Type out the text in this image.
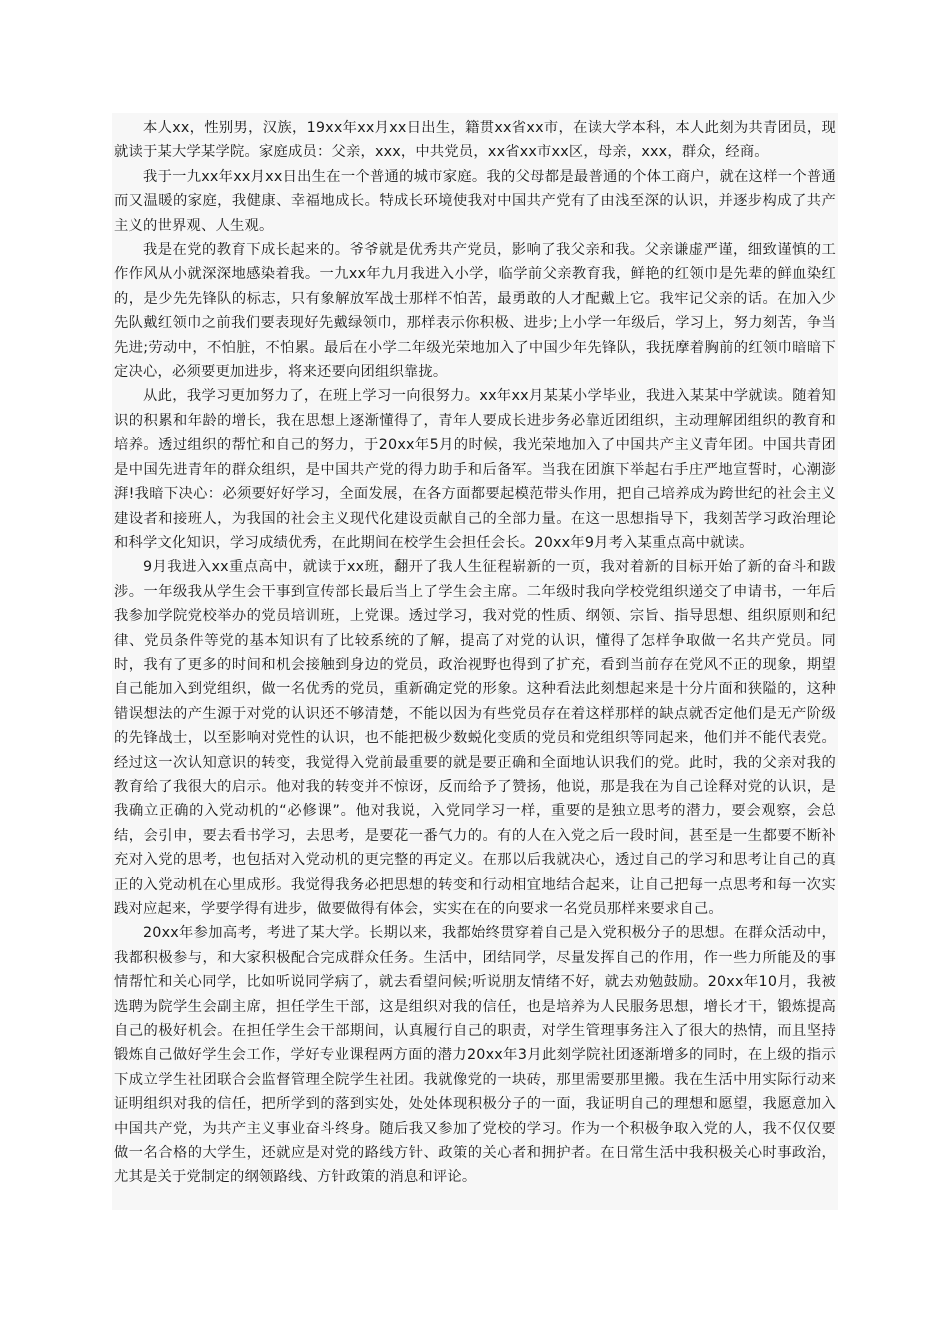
本人xx，性别男，汉族，19xx年xx月xx日出生，籍贯xx省xx市，在读大学本科，本人此刻为共青团员，现就读于某大学某学院。家庭成员：父亲，xxx，中共党员，xx省xx市xx区，母亲，xxx，群众，经商。

我于一九xx年xx月xx日出生在一个普通的城市家庭。我的父母都是最普通的个体工商户，就在这样一个普通而又温暖的家庭，我健康、幸福地成长。特成长环境使我对中国共产党有了由浅至深的认识，并逐步构成了共产主义的世界观、人生观。

我是在党的教育下成长起来的。爷爷就是优秀共产党员，影响了我父亲和我。父亲谦虚严谨，细致谨慎的工作作风从小就深深地感染着我。一九xx年九月我进入小学，临学前父亲教育我，鲜艳的红领巾是先辈的鲜血染红的，是少先先锋队的标志，只有象解放军战士那样不怕苦，最勇敢的人才配戴上它。我牢记父亲的话。在加入少先队戴红领巾之前我们要表现好先戴绿领巾，那样表示你积极、进步;上小学一年级后，学习上，努力刻苦，争当先进;劳动中，不怕脏，不怕累。最后在小学二年级光荣地加入了中国少年先锋队，我抚摩着胸前的红领巾暗暗下定决心，必须要更加进步，将来还要向团组织靠拢。

从此，我学习更加努力了，在班上学习一向很努力。xx年xx月某某小学毕业，我进入某某中学就读。随着知识的积累和年龄的增长，我在思想上逐渐懂得了，青年人要成长进步务必靠近团组织，主动理解团组织的教育和培养。透过组织的帮忙和自己的努力，于20xx年5月的时候，我光荣地加入了中国共产主义青年团。中国共青团是中国先进青年的群众组织，是中国共产党的得力助手和后备军。当我在团旗下举起右手庄严地宣誓时，心潮澎湃!我暗下决心：必须要好好学习，全面发展，在各方面都要起模范带头作用，把自己培养成为跨世纪的社会主义建设者和接班人，为我国的社会主义现代化建设贡献自己的全部力量。在这一思想指导下，我刻苦学习政治理论和科学文化知识，学习成绩优秀，在此期间在校学生会担任会长。20xx年9月考入某重点高中就读。

9月我进入xx重点高中，就读于xx班，翻开了我人生征程崭新的一页，我对着新的目标开始了新的奋斗和跋涉。一年级我从学生会干事到宣传部长最后当上了学生会主席。二年级时我向学校党组织递交了申请书，一年后我参加学院党校举办的党员培训班，上党课。透过学习，我对党的性质、纲领、宗旨、指导思想、组织原则和纪律、党员条件等党的基本知识有了比较系统的了解，提高了对党的认识，懂得了怎样争取做一名共产党员。同时，我有了更多的时间和机会接触到身边的党员，政治视野也得到了扩充，看到当前存在党风不正的现象，期望自己能加入到党组织，做一名优秀的党员，重新确定党的形象。这种看法此刻想起来是十分片面和狭隘的，这种错误想法的产生源于对党的认识还不够清楚，不能以因为有些党员存在着这样那样的缺点就否定他们是无产阶级的先锋战士，以至影响对党性的认识，也不能把极少数蜕化变质的党员和党组织等同起来，他们并不能代表党。经过这一次认知意识的转变，我觉得入党前最重要的就是要正确和全面地认识我们的党。此时，我的父亲对我的教育给了我很大的启示。他对我的转变并不惊讶，反而给予了赞扬，他说，那是我在为自己诠释对党的认识，是我确立正确的入党动机的“必修课”。他对我说，入党同学习一样，重要的是独立思考的潜力，要会观察，会总结，会引申，要去看书学习，去思考，是要花一番气力的。有的人在入党之后一段时间，甚至是一生都要不断补充对入党的思考，也包括对入党动机的更完整的再定义。在那以后我就决心，透过自己的学习和思考让自己的真正的入党动机在心里成形。我觉得我务必把思想的转变和行动相宜地结合起来，让自己把每一点思考和每一次实践对应起来，学要学得有进步，做要做得有体会，实实在在的向要求一名党员那样来要求自己。

20xx年参加高考，考进了某大学。长期以来，我都始终贯穿着自己是入党积极分子的思想。在群众活动中，我都积极参与，和大家积极配合完成群众任务。生活中，团结同学，尽量发挥自己的作用，作一些力所能及的事情帮忙和关心同学，比如听说同学病了，就去看望问候;听说朋友情绪不好，就去劝勉鼓励。20xx年10月，我被选聘为院学生会副主席，担任学生干部，这是组织对我的信任，也是培养为人民服务思想，增长才干，锻炼提高自己的极好机会。在担任学生会干部期间，认真履行自己的职责，对学生管理事务注入了很大的热情，而且坚持锻炼自己做好学生会工作，学好专业课程两方面的潜力20xx年3月此刻学院社团逐渐增多的同时，在上级的指示下成立学生社团联合会监督管理全院学生社团。我就像党的一块砖，那里需要那里搬。我在生活中用实际行动来证明组织对我的信任，把所学到的落到实处，处处体现积极分子的一面，我证明自己的理想和愿望，我愿意加入中国共产党，为共产主义事业奋斗终身。随后我又参加了党校的学习。作为一个积极争取入党的人，我不仅仅要做一名合格的大学生，还就应是对党的路线方针、政策的关心者和拥护者。在日常生活中我积极关心时事政治，尤其是关于党制定的纲领路线、方针政策的消息和评论。
